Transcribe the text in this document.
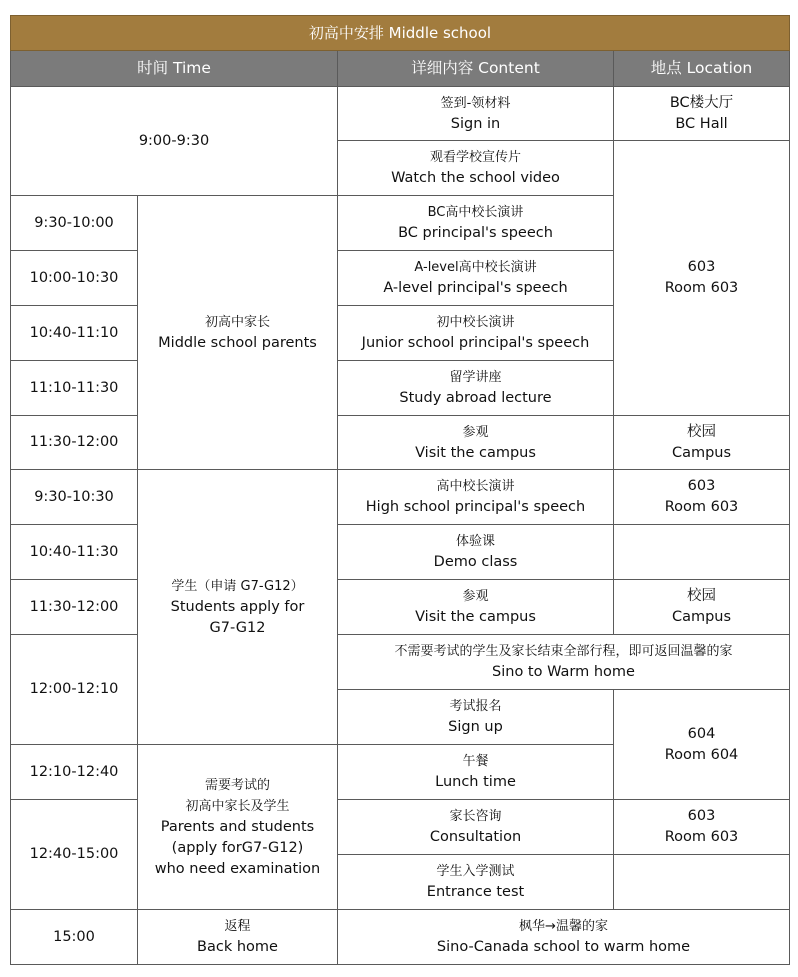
初高中安排 Middle school			
时间 Time		详细内容 Content	地点 Location
9:00-9:30		签到-领材料
Sign in	BC楼大厅
BC Hall

		观看学校宣传片
Watch the school video	603
Room 603

9:30-10:00	初高中家长
Middle school parents	BC高中校长演讲
BC principal's speech	

10:00-10:30		A-level高中校长演讲
A-level principal's speech	

10:40-11:10		初中校长演讲
Junior school principal's speech	

11:10-11:30		留学讲座
Study abroad lecture	

11:30-12:00		参观
Visit the campus	校园
Campus

9:30-10:30	学生（申请 G7-G12）
Students apply for
G7-G12	高中校长演讲
High school principal's speech	603
Room 603

10:40-11:30		体验课
Demo class	

11:30-12:00		参观
Visit the campus	校园
Campus

12:00-12:10		不需要考试的学生及家长结束全部行程，即可返回温馨的家
Sino to Warm home	

		考试报名
Sign up	604
Room 604

12:10-12:40	需要考试的
初高中家长及学生
Parents and students
(apply forG7-G12)
who need examination	午餐
Lunch time	

12:40-15:00		家长咨询
Consultation	603
Room 603

		学生入学测试
Entrance test	

15:00	返程
Back home	枫华→温馨的家
Sino-Canada school to warm home	
